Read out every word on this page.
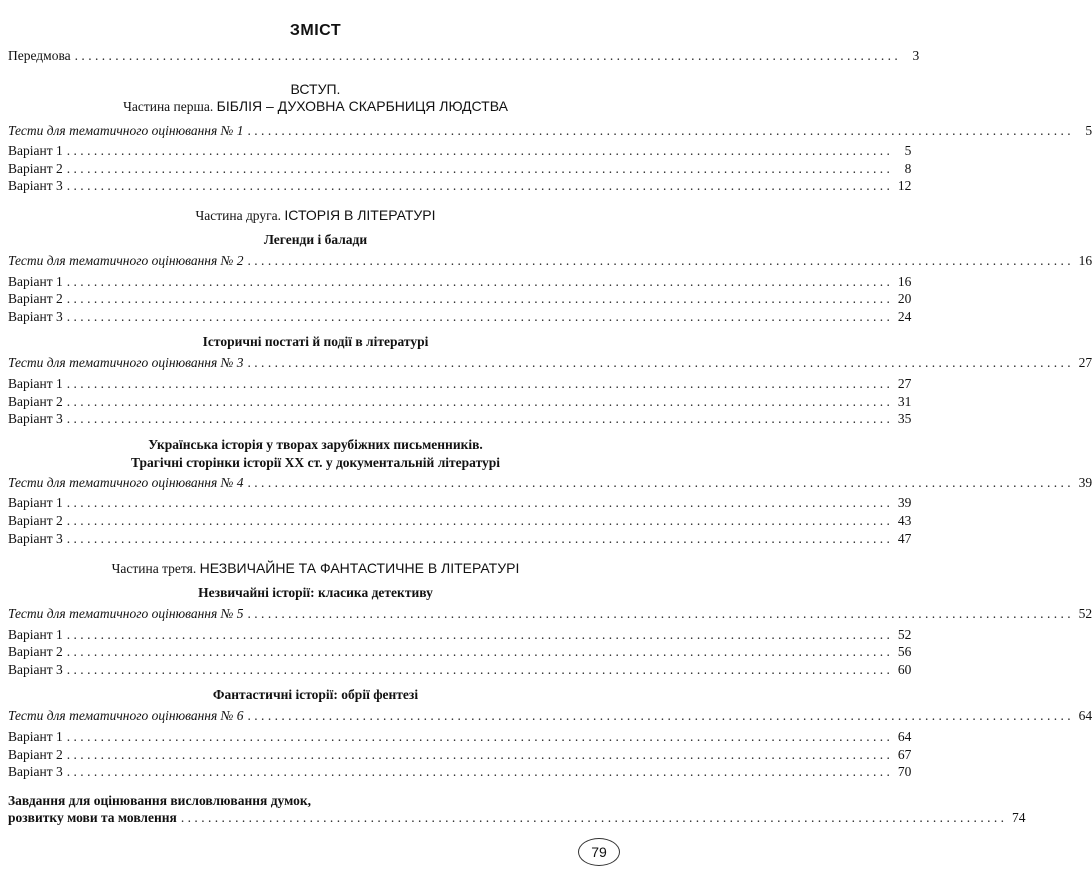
ЗМІСТ
Передмова .......................................................................................................................... 3
ВСТУП.
Частина перша. БІБЛІЯ – ДУХОВНА СКАРБНИЦЯ ЛЮДСТВА
Тести для тематичного оцінювання № 1 .......................................................................................................................... 5
Варіант 1 .......................................................................................................................... 5
Варіант 2 .......................................................................................................................... 8
Варіант 3 .......................................................................................................................... 12
Частина друга. ІСТОРІЯ В ЛІТЕРАТУРІ
Легенди і балади
Тести для тематичного оцінювання № 2 .......................................................................................................................... 16
Варіант 1 .......................................................................................................................... 16
Варіант 2 .......................................................................................................................... 20
Варіант 3 .......................................................................................................................... 24
Історичні постаті й події в літературі
Тести для тематичного оцінювання № 3 .......................................................................................................................... 27
Варіант 1 .......................................................................................................................... 27
Варіант 2 .......................................................................................................................... 31
Варіант 3 .......................................................................................................................... 35
Українська історія у творах зарубіжних письменників.
Трагічні сторінки історії ХХ ст. у документальній літературі
Тести для тематичного оцінювання № 4 .......................................................................................................................... 39
Варіант 1 .......................................................................................................................... 39
Варіант 2 .......................................................................................................................... 43
Варіант 3 .......................................................................................................................... 47
Частина третя. НЕЗВИЧАЙНЕ ТА ФАНТАСТИЧНЕ В ЛІТЕРАТУРІ
Незвичайні історії: класика детективу
Тести для тематичного оцінювання № 5 .......................................................................................................................... 52
Варіант 1 .......................................................................................................................... 52
Варіант 2 .......................................................................................................................... 56
Варіант 3 .......................................................................................................................... 60
Фантастичні історії: обрії фентезі
Тести для тематичного оцінювання № 6 .......................................................................................................................... 64
Варіант 1 .......................................................................................................................... 64
Варіант 2 .......................................................................................................................... 67
Варіант 3 .......................................................................................................................... 70
Завдання для оцінювання висловлювання думок,
розвитку мови та мовлення .......................................................................................................................... 74
79
